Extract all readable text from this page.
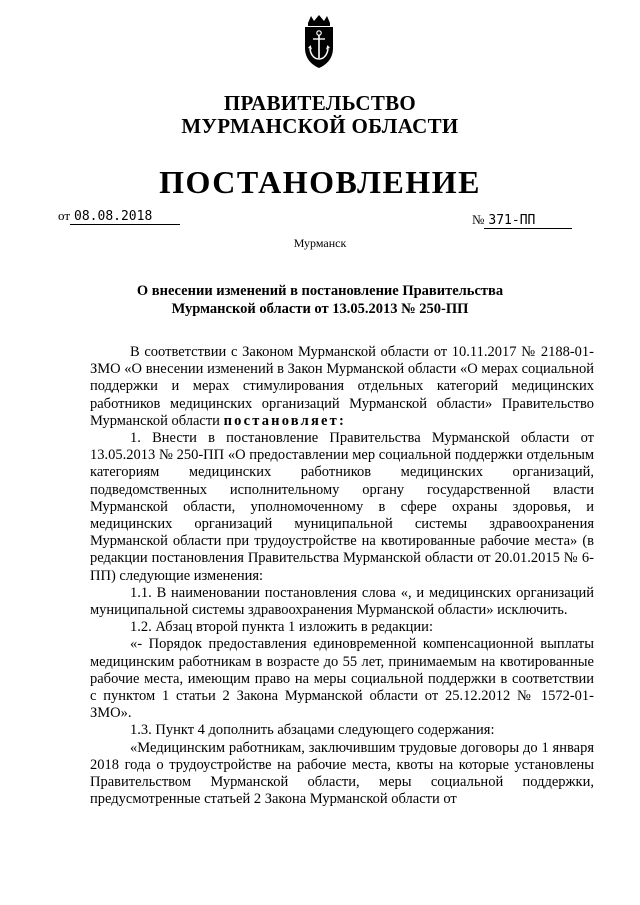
ПРАВИТЕЛЬСТВО
МУРМАНСКОЙ ОБЛАСТИ
ПОСТАНОВЛЕНИЕ
от 08.08.2018	№ 371-ПП
Мурманск
О внесении изменений в постановление Правительства
Мурманской области от 13.05.2013 № 250-ПП

В соответствии с Законом Мурманской области от 10.11.2017 № 2188-01-ЗМО «О внесении изменений в Закон Мурманской области «О мерах социальной поддержки и мерах стимулирования отдельных категорий медицинских работников медицинских организаций Мурманской области» Правительство Мурманской области постановляет:

1. Внести в постановление Правительства Мурманской области от 13.05.2013 № 250-ПП «О предоставлении мер социальной поддержки отдельным категориям медицинских работников медицинских организаций, подведомственных исполнительному органу государственной власти Мурманской области, уполномоченному в сфере охраны здоровья, и медицинских организаций муниципальной системы здравоохранения Мурманской области при трудоустройстве на квотированные рабочие места» (в редакции постановления Правительства Мурманской области от 20.01.2015 № 6-ПП) следующие изменения:

1.1. В наименовании постановления слова «, и медицинских организаций муниципальной системы здравоохранения Мурманской области» исключить.

1.2. Абзац второй пункта 1 изложить в редакции:

«- Порядок предоставления единовременной компенсационной выплаты медицинским работникам в возрасте до 55 лет, принимаемым на квотированные рабочие места, имеющим право на меры социальной поддержки в соответствии с пунктом 1 статьи 2 Закона Мурманской области от 25.12.2012 № 1572-01-ЗМО».

1.3. Пункт 4 дополнить абзацами следующего содержания:

«Медицинским работникам, заключившим трудовые договоры до 1 января 2018 года о трудоустройстве на рабочие места, квоты на которые установлены Правительством Мурманской области, меры социальной поддержки, предусмотренные статьей 2 Закона Мурманской области от
